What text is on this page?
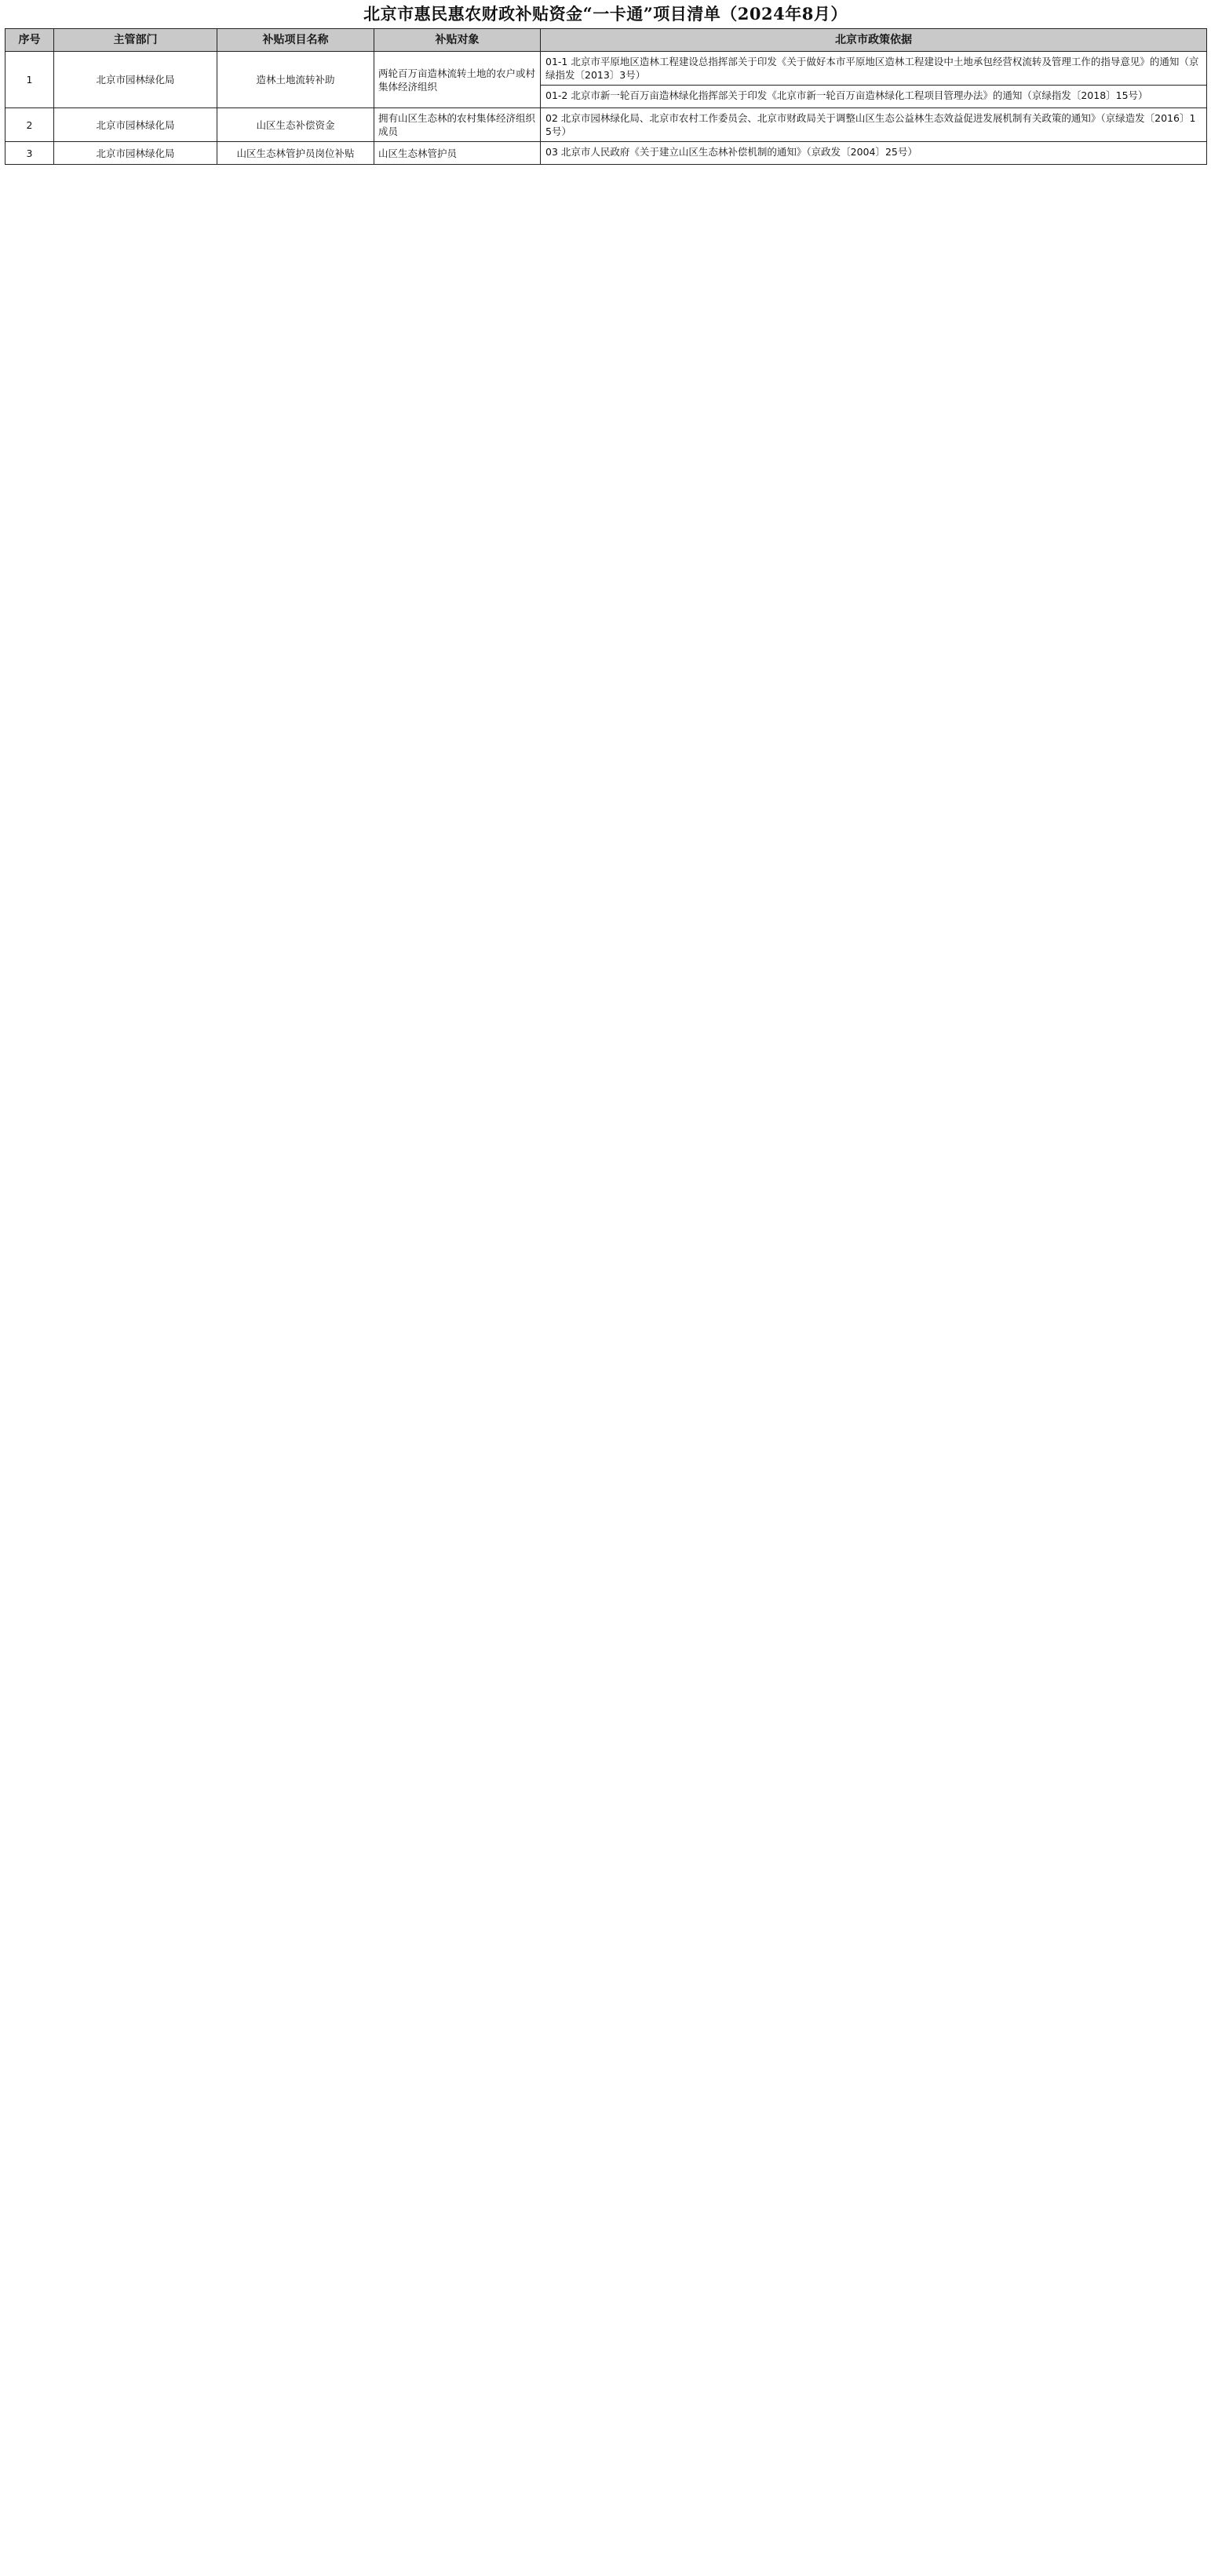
北京市惠民惠农财政补贴资金“一卡通”项目清单（2024年8月）
序号	主管部门	补贴项目名称	补贴对象	北京市政策依据
1	北京市园林绿化局	造林土地流转补助	两轮百万亩造林流转土地的农户或村集体经济组织	01-1 北京市平原地区造林工程建设总指挥部关于印发《关于做好本市平原地区造林工程建设中土地承包经营权流转及管理工作的指导意见》的通知（京绿指发〔2013〕3号）
01-2 北京市新一轮百万亩造林绿化指挥部关于印发《北京市新一轮百万亩造林绿化工程项目管理办法》的通知（京绿指发〔2018〕15号）

2	北京市园林绿化局	山区生态补偿资金	拥有山区生态林的农村集体经济组织成员	02 北京市园林绿化局、北京市农村工作委员会、北京市财政局关于调整山区生态公益林生态效益促进发展机制有关政策的通知》（京绿造发〔2016〕15号）

3	北京市园林绿化局	山区生态林管护员岗位补贴	山区生态林管护员	03 北京市人民政府《关于建立山区生态林补偿机制的通知》（京政发〔2004〕25号）
